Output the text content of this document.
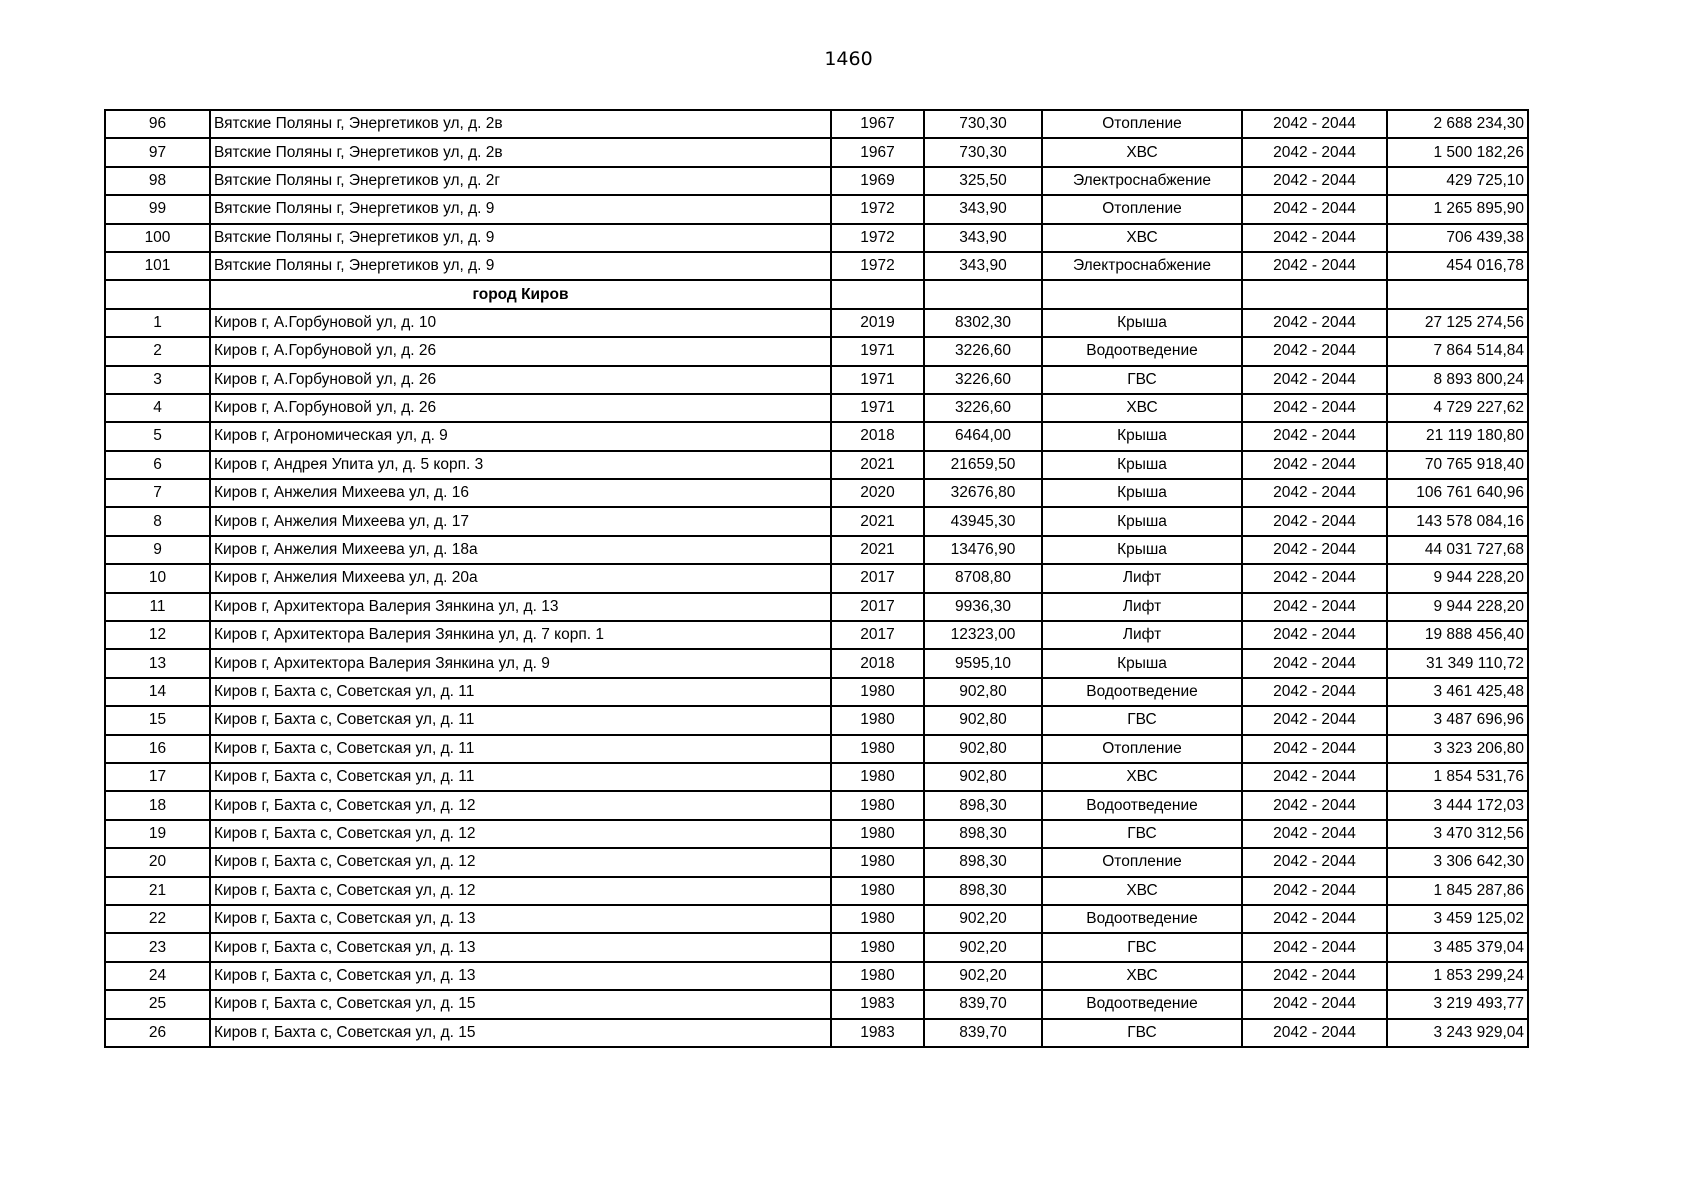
1460
96	Вятские Поляны г, Энергетиков ул, д. 2в	1967	730,30	Отопление	2042 - 2044	2 688 234,30
97	Вятские Поляны г, Энергетиков ул, д. 2в	1967	730,30	ХВС	2042 - 2044	1 500 182,26
98	Вятские Поляны г, Энергетиков ул, д. 2г	1969	325,50	Электроснабжение	2042 - 2044	429 725,10
99	Вятские Поляны г, Энергетиков ул, д. 9	1972	343,90	Отопление	2042 - 2044	1 265 895,90
100	Вятские Поляны г, Энергетиков ул, д. 9	1972	343,90	ХВС	2042 - 2044	706 439,38
101	Вятские Поляны г, Энергетиков ул, д. 9	1972	343,90	Электроснабжение	2042 - 2044	454 016,78
	город Киров					
1	Киров г, А.Горбуновой ул, д. 10	2019	8302,30	Крыша	2042 - 2044	27 125 274,56
2	Киров г, А.Горбуновой ул, д. 26	1971	3226,60	Водоотведение	2042 - 2044	7 864 514,84
3	Киров г, А.Горбуновой ул, д. 26	1971	3226,60	ГВС	2042 - 2044	8 893 800,24
4	Киров г, А.Горбуновой ул, д. 26	1971	3226,60	ХВС	2042 - 2044	4 729 227,62
5	Киров г, Агрономическая ул, д. 9	2018	6464,00	Крыша	2042 - 2044	21 119 180,80
6	Киров г, Андрея Упита ул, д. 5 корп. 3	2021	21659,50	Крыша	2042 - 2044	70 765 918,40
7	Киров г, Анжелия Михеева ул, д. 16	2020	32676,80	Крыша	2042 - 2044	106 761 640,96
8	Киров г, Анжелия Михеева ул, д. 17	2021	43945,30	Крыша	2042 - 2044	143 578 084,16
9	Киров г, Анжелия Михеева ул, д. 18а	2021	13476,90	Крыша	2042 - 2044	44 031 727,68
10	Киров г, Анжелия Михеева ул, д. 20а	2017	8708,80	Лифт	2042 - 2044	9 944 228,20
11	Киров г, Архитектора Валерия Зянкина ул, д. 13	2017	9936,30	Лифт	2042 - 2044	9 944 228,20
12	Киров г, Архитектора Валерия Зянкина ул, д. 7 корп. 1	2017	12323,00	Лифт	2042 - 2044	19 888 456,40
13	Киров г, Архитектора Валерия Зянкина ул, д. 9	2018	9595,10	Крыша	2042 - 2044	31 349 110,72
14	Киров г, Бахта с, Советская ул, д. 11	1980	902,80	Водоотведение	2042 - 2044	3 461 425,48
15	Киров г, Бахта с, Советская ул, д. 11	1980	902,80	ГВС	2042 - 2044	3 487 696,96
16	Киров г, Бахта с, Советская ул, д. 11	1980	902,80	Отопление	2042 - 2044	3 323 206,80
17	Киров г, Бахта с, Советская ул, д. 11	1980	902,80	ХВС	2042 - 2044	1 854 531,76
18	Киров г, Бахта с, Советская ул, д. 12	1980	898,30	Водоотведение	2042 - 2044	3 444 172,03
19	Киров г, Бахта с, Советская ул, д. 12	1980	898,30	ГВС	2042 - 2044	3 470 312,56
20	Киров г, Бахта с, Советская ул, д. 12	1980	898,30	Отопление	2042 - 2044	3 306 642,30
21	Киров г, Бахта с, Советская ул, д. 12	1980	898,30	ХВС	2042 - 2044	1 845 287,86
22	Киров г, Бахта с, Советская ул, д. 13	1980	902,20	Водоотведение	2042 - 2044	3 459 125,02
23	Киров г, Бахта с, Советская ул, д. 13	1980	902,20	ГВС	2042 - 2044	3 485 379,04
24	Киров г, Бахта с, Советская ул, д. 13	1980	902,20	ХВС	2042 - 2044	1 853 299,24
25	Киров г, Бахта с, Советская ул, д. 15	1983	839,70	Водоотведение	2042 - 2044	3 219 493,77
26	Киров г, Бахта с, Советская ул, д. 15	1983	839,70	ГВС	2042 - 2044	3 243 929,04
